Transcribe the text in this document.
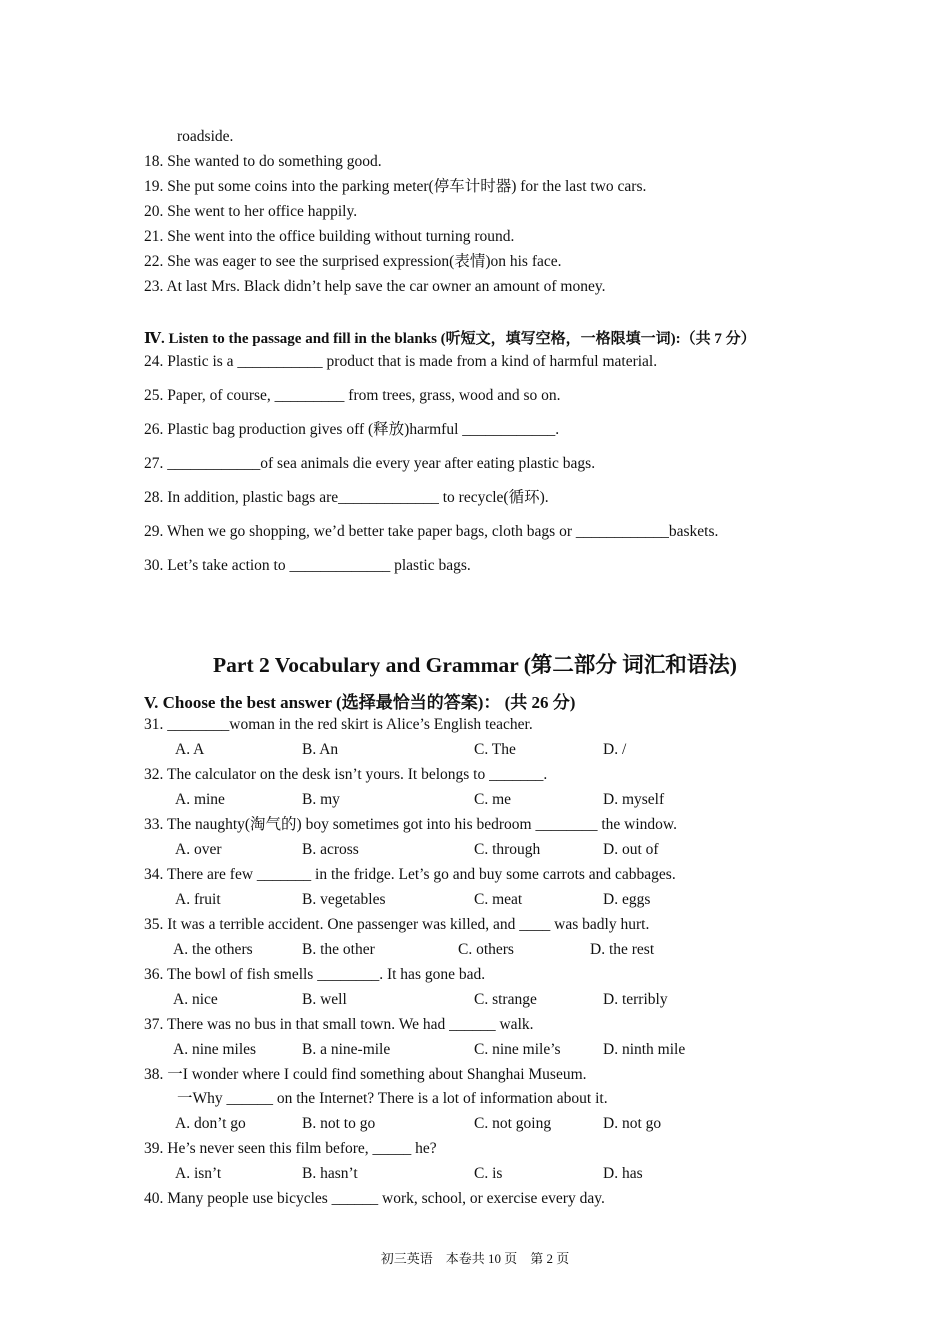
roadside.
18. She wanted to do something good.
19. She put some coins into the parking meter(停车计时器) for the last two cars.
20. She went to her office happily.
21. She went into the office building without turning round.
22. She was eager to see the surprised expression(表情)on his face.
23. At last Mrs. Black didn’t help save the car owner an amount of money.
Ⅳ. Listen to the passage and fill in the blanks (听短文，填写空格，一格限填一词):（共 7 分）
24. Plastic is a ___________ product that is made from a kind of harmful material.
25. Paper, of course, _________ from trees, grass, wood and so on.
26. Plastic bag production gives off (释放)harmful ____________.
27. ____________of sea animals die every year after eating plastic bags.
28. In addition, plastic bags are_____________ to recycle(循环).
29. When we go shopping, we’d better take paper bags, cloth bags or ____________baskets.
30. Let’s take action to _____________ plastic bags.
Part 2 Vocabulary and Grammar (第二部分 词汇和语法)
V. Choose the best answer (选择最恰当的答案)： (共 26 分)
31. ________woman in the red skirt is Alice’s English teacher.
A. A	B. An	C. The	D. /
32. The calculator on the desk isn’t yours. It belongs to _______.
A. mine	B. my	C. me	D. myself
33. The naughty(淘气的) boy sometimes got into his bedroom ________ the window.
A. over	B. across	C. through	D. out of
34. There are few _______ in the fridge. Let’s go and buy some carrots and cabbages.
A. fruit	B. vegetables	C. meat	D. eggs
35. It was a terrible accident. One passenger was killed, and ____ was badly hurt.
A. the others	B. the other	C. others	D. the rest
36. The bowl of fish smells ________. It has gone bad.
A. nice	B. well	C. strange	D. terribly
37. There was no bus in that small town. We had ______ walk.
A. nine miles	B. a nine-mile	C. nine mile’s	D. ninth mile
38. 一I wonder where I could find something about Shanghai Museum.
一Why ______ on the Internet? There is a lot of information about it.
A. don’t go	B. not to go	C. not going	D. not go
39. He’s never seen this film before, _____ he?
A. isn’t	B. hasn’t	C. is	D. has
40. Many people use bicycles ______ work, school, or exercise every day.
初三英语　本卷共 10 页　第 2 页
